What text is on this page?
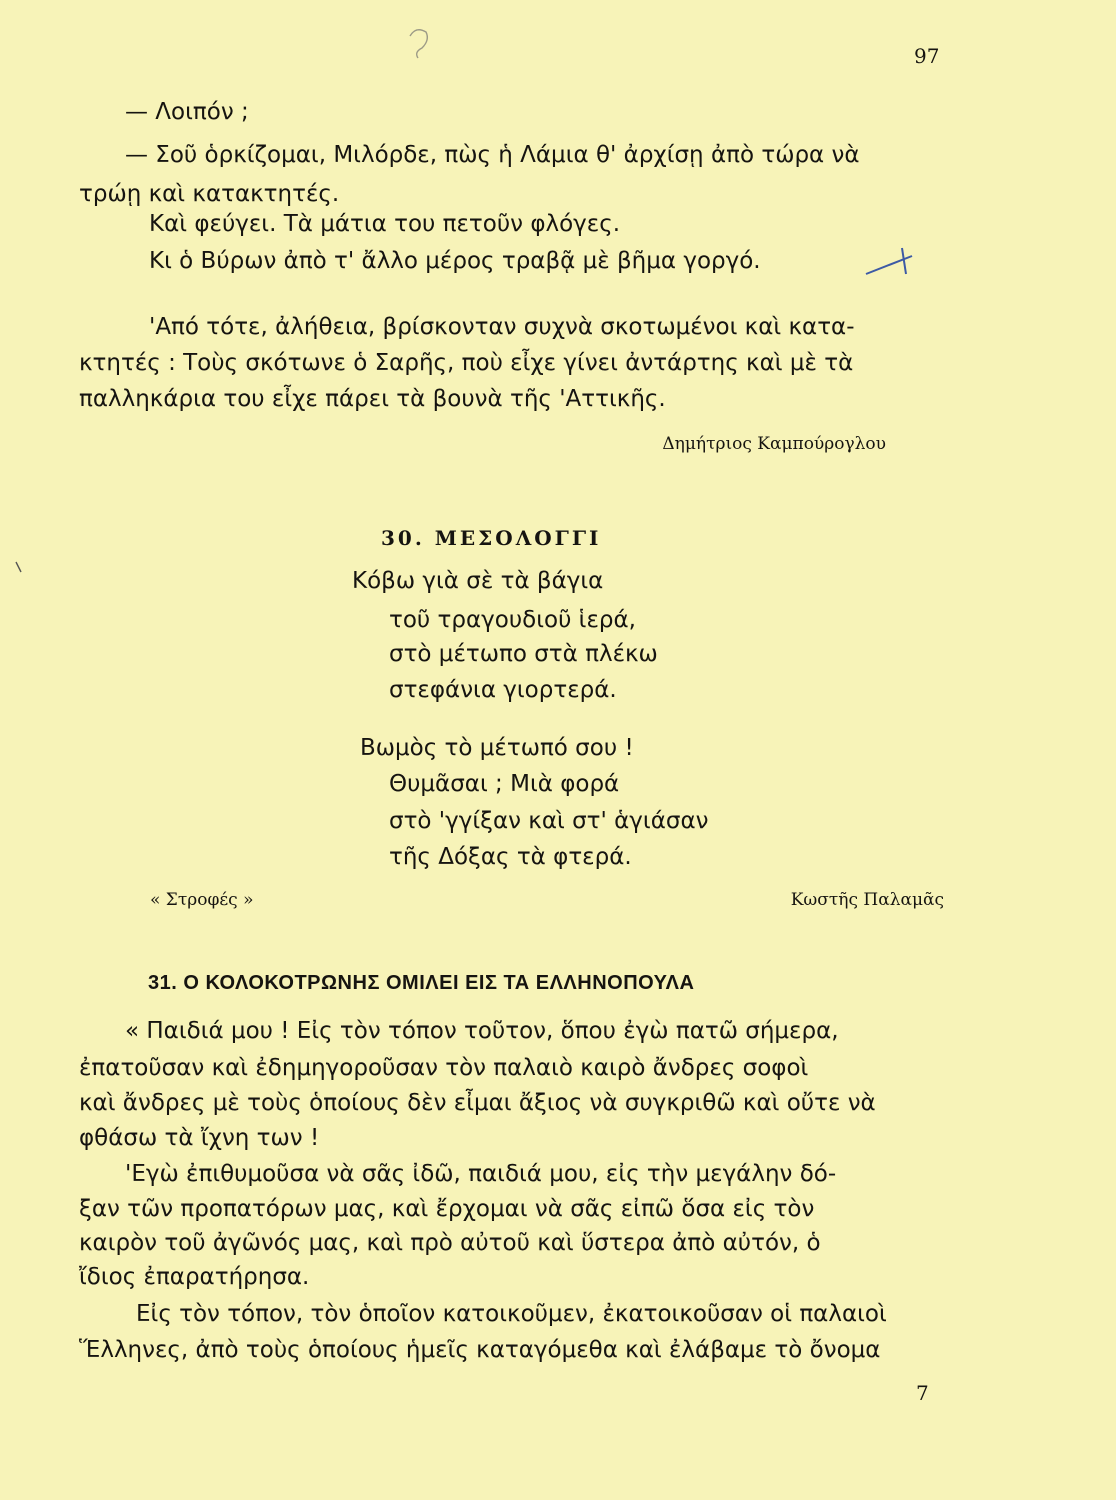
97
— Λοιπόν ;
— Σοῦ ὁρκίζομαι, Μιλόρδε, πὼς ἡ Λάμια θ' ἀρχίσῃ ἀπὸ τώρα νὰ
τρώῃ καὶ κατακτητές.
Καὶ φεύγει. Τὰ μάτια του πετοῦν φλόγες.
Κι ὁ Βύρων ἀπὸ τ' ἄλλο μέρος τραβᾷ μὲ βῆμα γοργό.
'Από τότε, ἀλήθεια, βρίσκονταν συχνὰ σκοτωμένοι καὶ κατα-
κτητές : Τοὺς σκότωνε ὁ Σαρῆς, ποὺ εἶχε γίνει ἀντάρτης καὶ μὲ τὰ
παλληκάρια του εἶχε πάρει τὰ βουνὰ τῆς 'Αττικῆς.
Δημήτριος Καμπούρογλου
30. ΜΕΣΟΛΟΓΓΙ
Κόβω γιὰ σὲ τὰ βάγια
τοῦ τραγουδιοῦ ἱερά,
στὸ μέτωπο στὰ πλέκω
στεφάνια γιορτερά.
Βωμὸς τὸ μέτωπό σου !
Θυμᾶσαι ; Μιὰ φορά
στὸ 'γγίξαν καὶ στ' ἁγιάσαν
τῆς Δόξας τὰ φτερά.
« Στροφές »	Κωστῆς Παλαμᾶς
31. Ο ΚΟΛΟΚΟΤΡΩΝΗΣ ΟΜΙΛΕΙ ΕΙΣ ΤΑ ΕΛΛΗΝΟΠΟΥΛΑ
« Παιδιά μου ! Εἰς τὸν τόπον τοῦτον, ὅπου ἐγὼ πατῶ σήμερα,
ἐπατοῦσαν καὶ ἐδημηγοροῦσαν τὸν παλαιὸ καιρὸ ἄνδρες σοφοὶ
καὶ ἄνδρες μὲ τοὺς ὁποίους δὲν εἶμαι ἄξιος νὰ συγκριθῶ καὶ οὔτε νὰ
φθάσω τὰ ἴχνη των !
'Εγὼ ἐπιθυμοῦσα νὰ σᾶς ἰδῶ, παιδιά μου, εἰς τὴν μεγάλην δό-
ξαν τῶν προπατόρων μας, καὶ ἔρχομαι νὰ σᾶς εἰπῶ ὅσα εἰς τὸν
καιρὸν τοῦ ἀγῶνός μας, καὶ πρὸ αὐτοῦ καὶ ὕστερα ἀπὸ αὐτόν, ὁ
ἴδιος ἐπαρατήρησα.
Εἰς τὸν τόπον, τὸν ὁποῖον κατοικοῦμεν, ἐκατοικοῦσαν οἱ παλαιοὶ
Ἕλληνες, ἀπὸ τοὺς ὁποίους ἡμεῖς καταγόμεθα καὶ ἐλάβαμε τὸ ὄνομα
7
